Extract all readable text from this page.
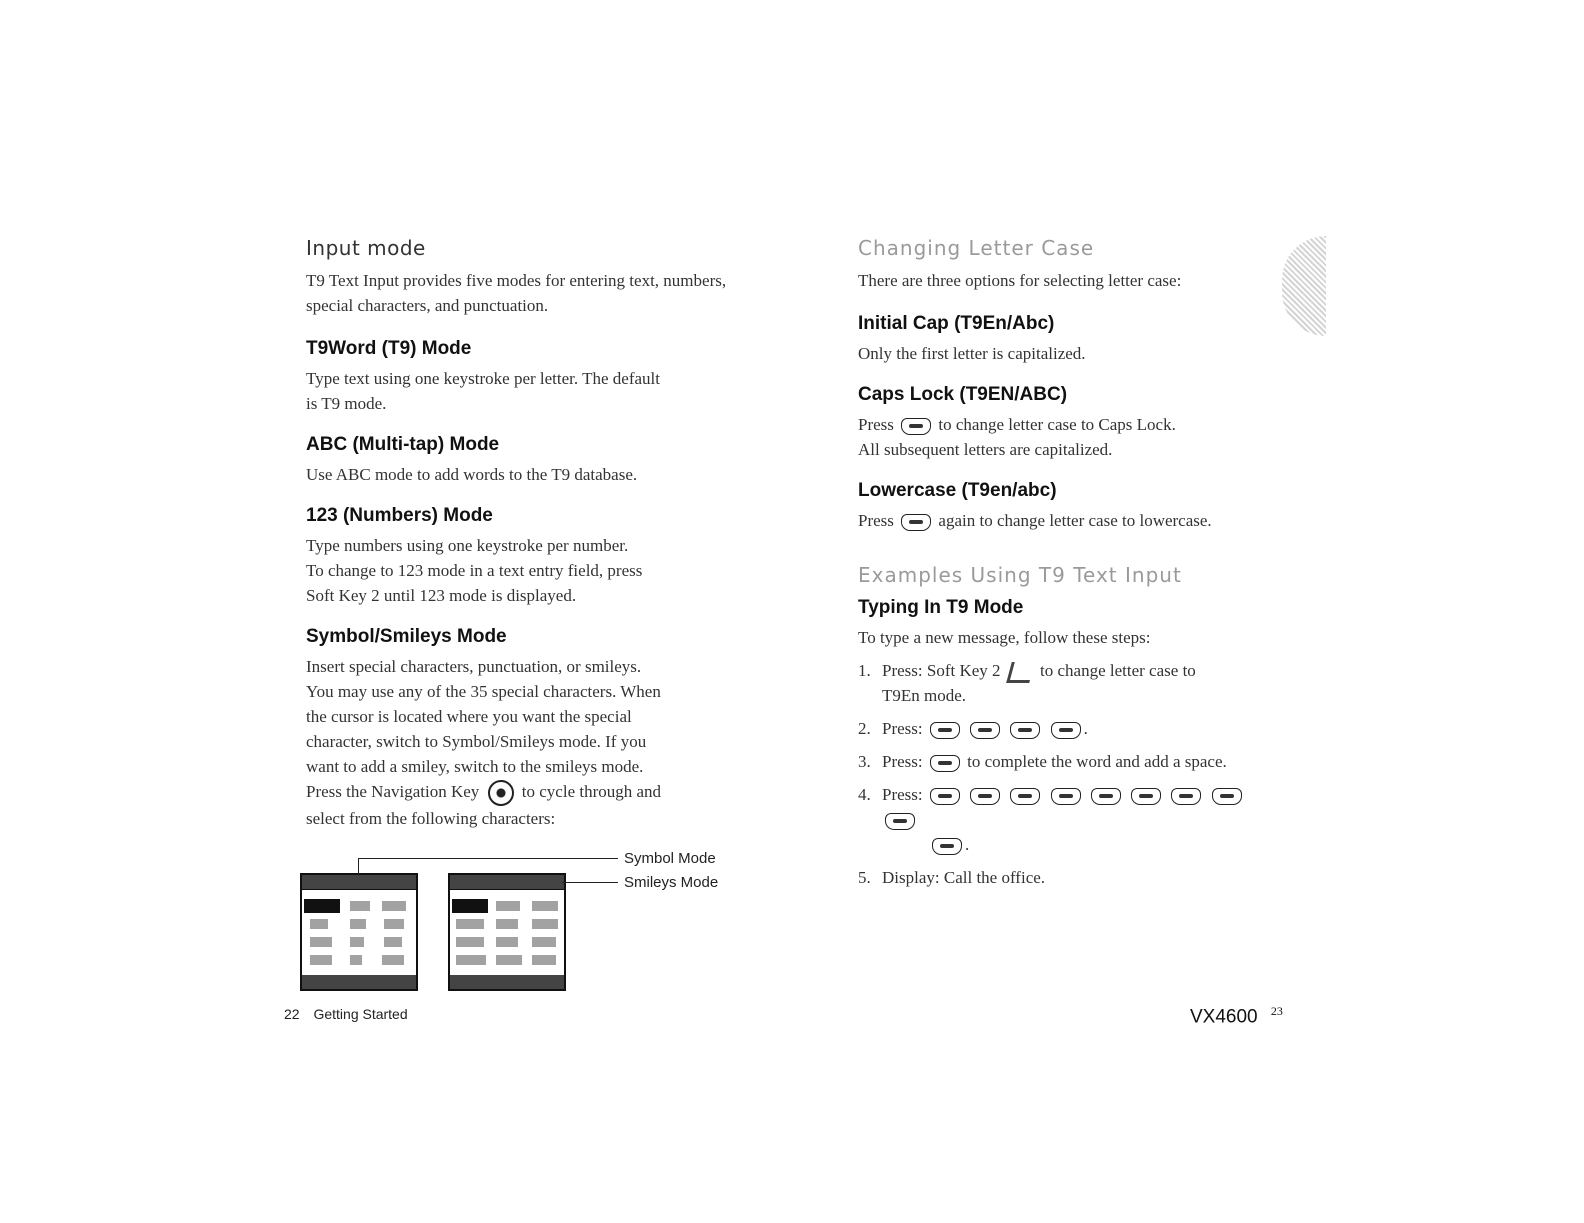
Input mode

T9 Text Input provides five modes for entering text, numbers, special characters, and punctuation.

T9Word (T9) Mode

Type text using one keystroke per letter. The default

is T9 mode.

ABC (Multi-tap) Mode

Use ABC mode to add words to the T9 database.

123 (Numbers) Mode

Type numbers using one keystroke per number.

To change to 123 mode in a text entry field, press

Soft Key 2 until 123 mode is displayed.

Symbol/Smileys Mode

Insert special characters, punctuation, or smileys.

You may use any of the 35 special characters. When

the cursor is located where you want the special

character, switch to Symbol/Smileys mode. If you

want to add a smiley, switch to the smileys mode.

Press the Navigation Key	to cycle through and

select from the following characters:

Symbol Mode
Smileys Mode
Changing Letter Case

There are three options for selecting letter case:

Initial Cap (T9En/Abc)

Only the first letter is capitalized.

Caps Lock (T9EN/ABC)

Press	to change letter case to Caps Lock.

All subsequent letters are capitalized.

Lowercase (T9en/abc)

Press	again to change letter case to lowercase.

Examples Using T9 Text Input
Typing In T9 Mode

To type a new message, follow these steps:

1. Press: Soft Key 2 to change letter case to
T9En mode.
2. Press:	.
3. Press:	to complete the word and add a space.
4. Press:
.
5. Display: Call the office.
22 Getting Started	VX4600 $^{23}$
